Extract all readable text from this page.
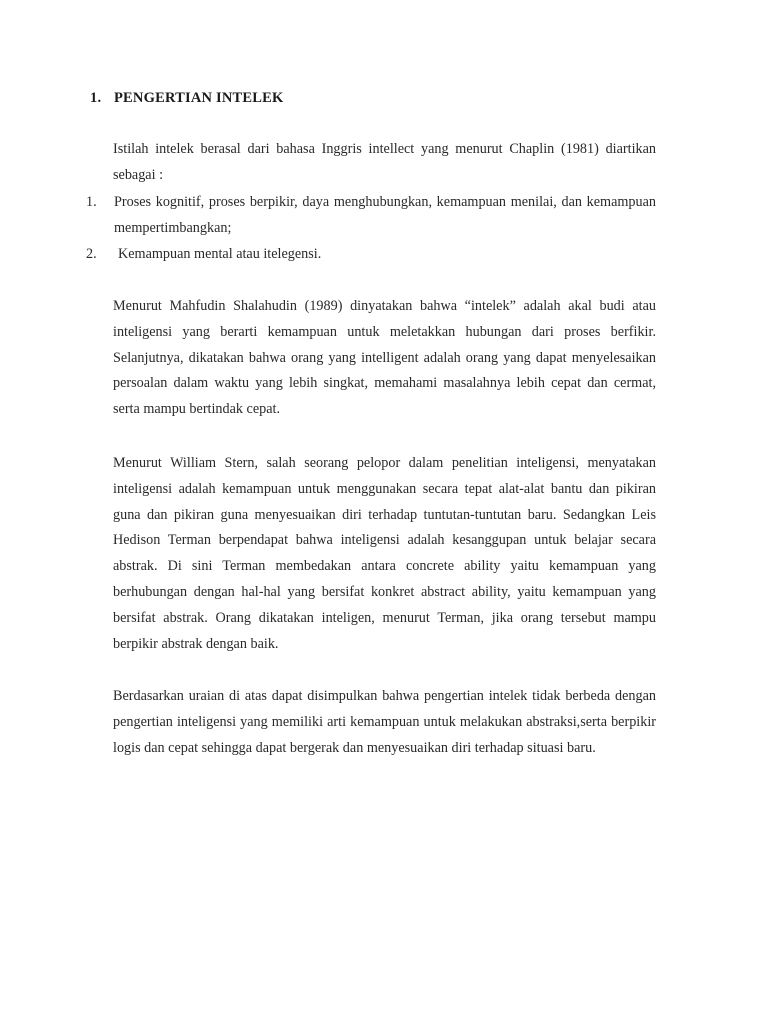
1. PENGERTIAN INTELEK

Istilah intelek berasal dari bahasa Inggris intellect yang menurut Chaplin (1981) diartikan sebagai :

1. Proses kognitif, proses berpikir, daya menghubungkan, kemampuan menilai, dan kemampuan mempertimbangkan;

2. Kemampuan mental atau itelegensi.

Menurut Mahfudin Shalahudin (1989) dinyatakan bahwa “intelek” adalah akal budi atau inteligensi yang berarti kemampuan untuk meletakkan hubungan dari proses berfikir. Selanjutnya, dikatakan bahwa orang yang intelligent adalah orang yang dapat menyelesaikan persoalan dalam waktu yang lebih singkat, memahami masalahnya lebih cepat dan cermat, serta mampu bertindak cepat.

Menurut William Stern, salah seorang pelopor dalam penelitian inteligensi, menyatakan inteligensi adalah kemampuan untuk menggunakan secara tepat alat-alat bantu dan pikiran guna dan pikiran guna menyesuaikan diri terhadap tuntutan-tuntutan baru. Sedangkan Leis Hedison Terman berpendapat bahwa inteligensi adalah kesanggupan untuk belajar secara abstrak. Di sini Terman membedakan antara concrete ability yaitu kemampuan yang berhubungan dengan hal-hal yang bersifat konkret abstract ability, yaitu kemampuan yang bersifat abstrak. Orang dikatakan inteligen, menurut Terman, jika orang tersebut mampu berpikir abstrak dengan baik.

Berdasarkan uraian di atas dapat disimpulkan bahwa pengertian intelek tidak berbeda dengan pengertian inteligensi yang memiliki arti kemampuan untuk melakukan abstraksi,serta berpikir logis dan cepat sehingga dapat bergerak dan menyesuaikan diri terhadap situasi baru.
